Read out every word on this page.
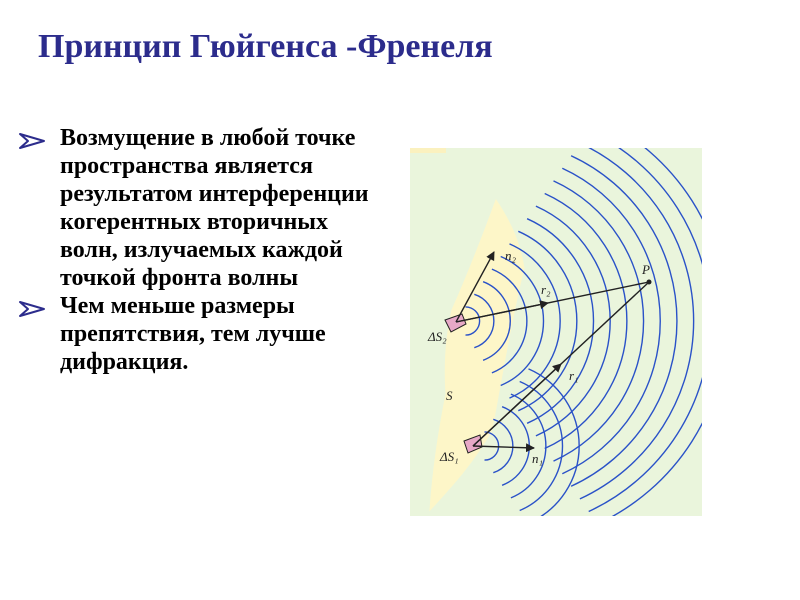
Принцип Гюйгенса -Френеля
Возмущение в любой точке пространства является результатом интерференции когерентных вторичных волн, излучаемых каждой точкой фронта волны
Чем меньше размеры препятствия, тем лучше дифракция.
n₂
r₂
P
ΔS₂
r₁
S
ΔS₁	n₁
